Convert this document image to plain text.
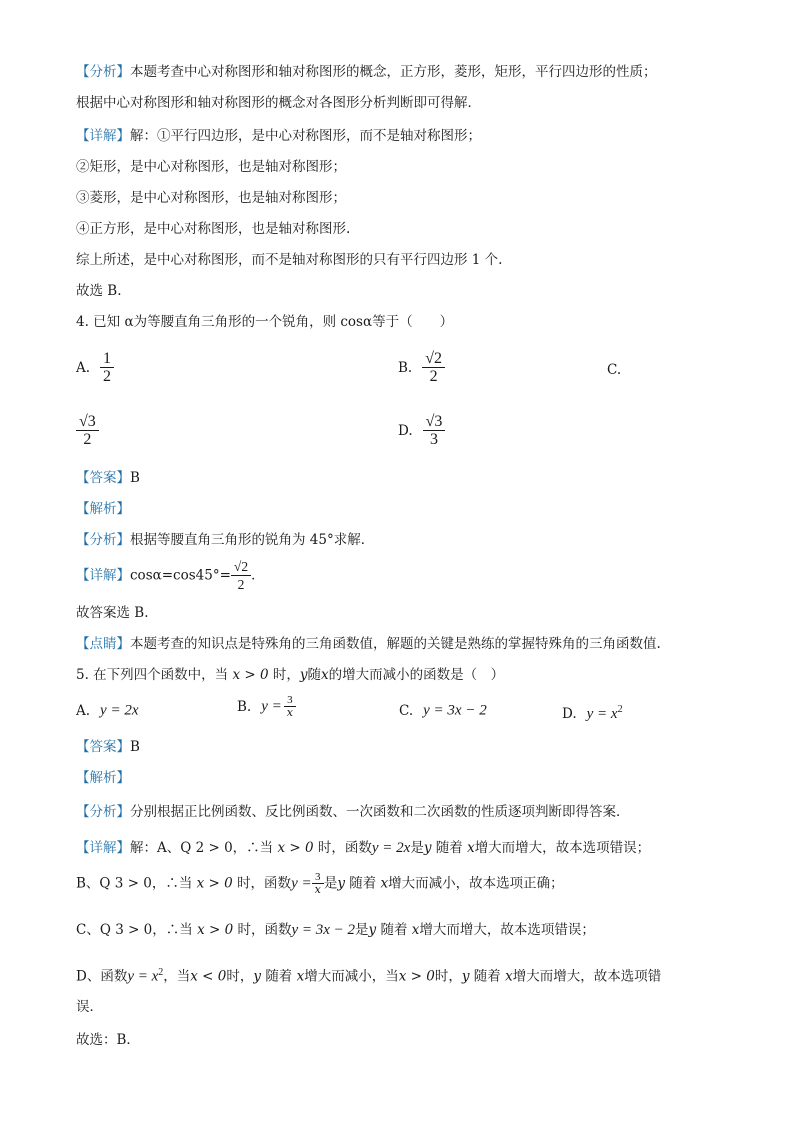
【分析】本题考查中心对称图形和轴对称图形的概念，正方形，菱形，矩形，平行四边形的性质；
根据中心对称图形和轴对称图形的概念对各图形分析判断即可得解．
【详解】解：①平行四边形，是中心对称图形，而不是轴对称图形；
②矩形，是中心对称图形，也是轴对称图形；
③菱形，是中心对称图形，也是轴对称图形；
④正方形，是中心对称图形，也是轴对称图形.
综上所述，是中心对称图形，而不是轴对称图形的只有平行四边形 1 个.
故选 B.
4. 已知 α为等腰直角三角形的一个锐角，则 cosα等于（　　）
A. $\frac{1}{2}$	B. $\frac{√2}{2}$	C.
$\frac{√3}{2}$	D. $\frac{√3}{3}$
【答案】B
【解析】
【分析】根据等腰直角三角形的锐角为 45°求解．
【详解】$\cos\alpha=\cos 45^\circ= \frac{√2}{2}$ ．
故答案选 B.
【点睛】本题考查的知识点是特殊角的三角函数值，解题的关键是熟练的掌握特殊角的三角函数值.
5. 在下列四个函数中，当 x > 0 时，y随x的增大而减小的函数是（　）
A. y = 2x	B. $y = \frac{3}{x}$	C. y = 3x − 2	D. $y = x^2$
【答案】B
【解析】
【分析】分别根据正比例函数、反比例函数、一次函数和二次函数的性质逐项判断即得答案．
【详解】解：A、Q 2 > 0，∴当 x > 0 时，函数y = 2x是y 随着 x增大而增大，故本选项错误；
B、Q 3 > 0，∴当 x > 0 时，函数$y = \frac{3}{x}$ 是y 随着 x增大而减小，故本选项正确；
C、Q 3 > 0，∴当 x > 0 时，函数y = 3x − 2是y 随着 x增大而增大，故本选项错误；
D、函数$y = x^2$，当x < 0时，y 随着 x增大而减小，当x > 0时，y 随着 x增大而增大，故本选项错
误．
故选：B．
